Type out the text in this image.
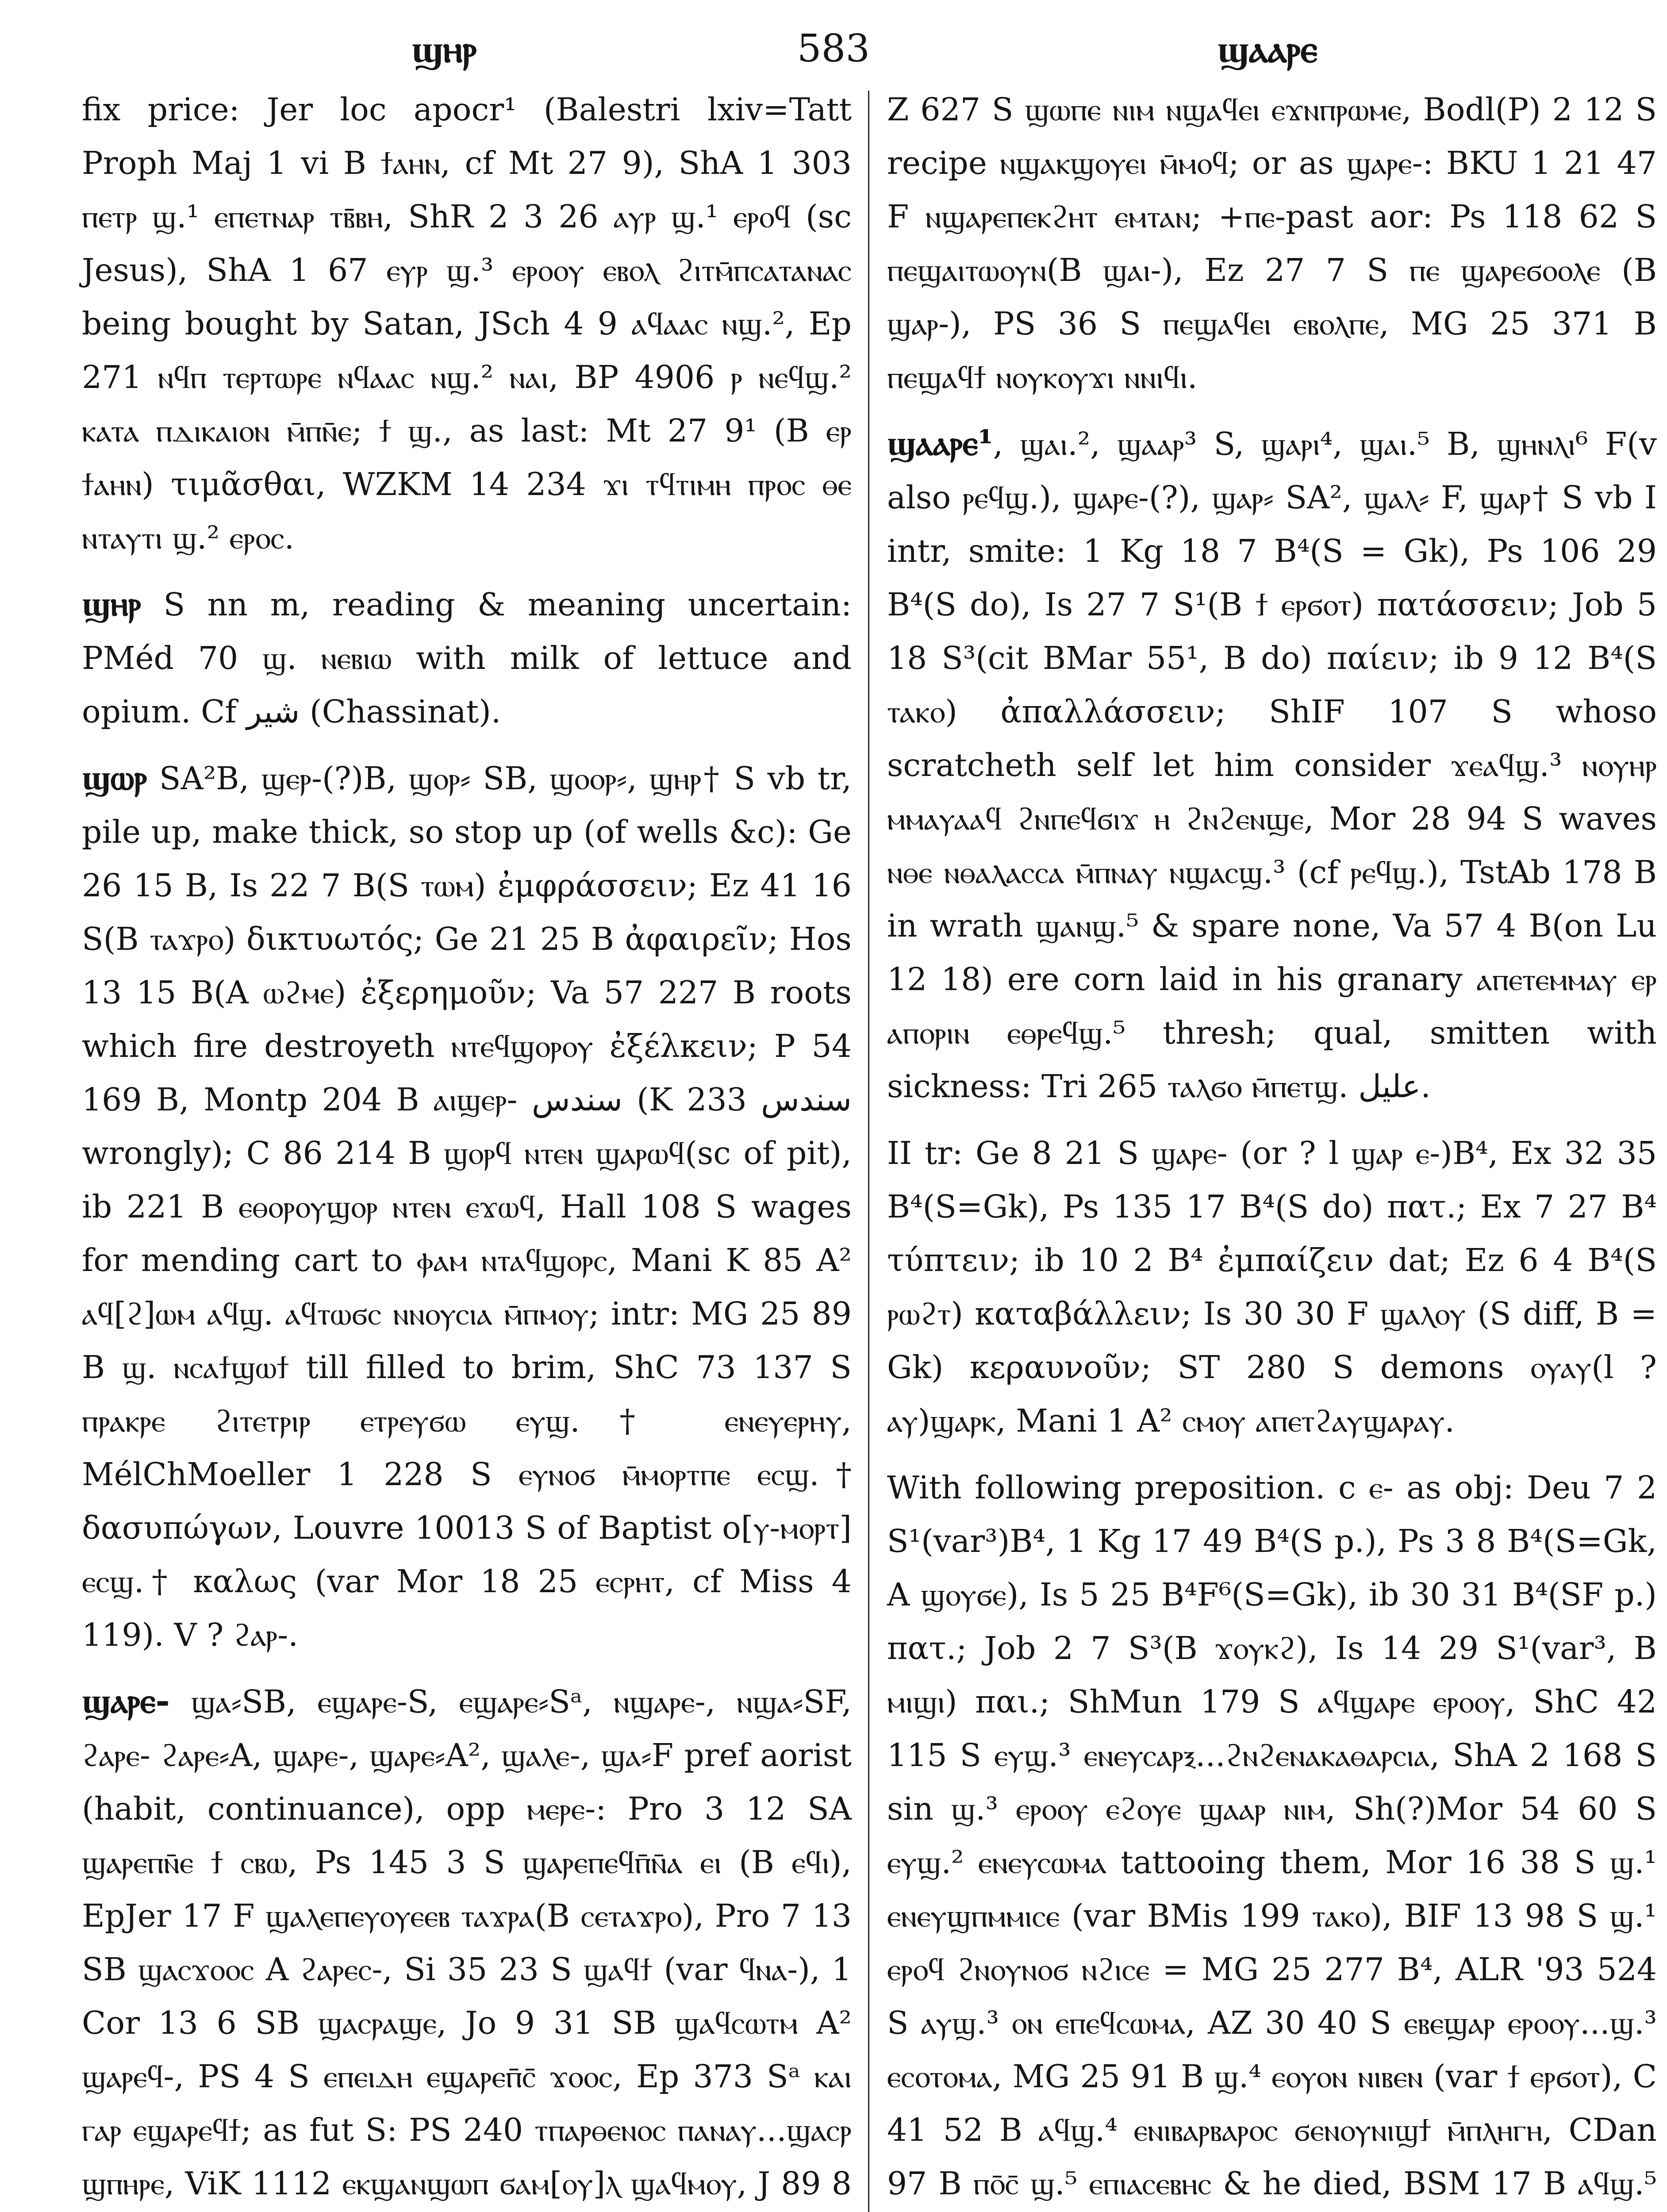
ϣⲏⲣ	583	ϣⲁⲁⲣⲉ

fix price: Jer loc apocr¹ (Balestri lxiv=Tatt Proph Maj 1 vi B ϯⲁⲏⲛ, cf Mt 27 9), ShA 1 303 ⲡⲉⲧⲣ ϣ.¹ ⲉⲡⲉⲧⲛⲁⲣ ⲧⲃ̄ⲃⲏ, ShR 2 3 26 ⲁⲩⲣ ϣ.¹ ⲉⲣⲟϥ (sc Jesus), ShA 1 67 ⲉⲩⲣ ϣ.³ ⲉⲣⲟⲟⲩ ⲉⲃⲟⲗ ϩⲓⲧⲙ̄ⲡⲥⲁⲧⲁⲛⲁⲥ being bought by Satan, JSch 4 9 ⲁϥⲁⲁⲥ ⲛϣ.², Ep 271 ⲛϥⲡ ⲧⲉⲣⲧⲱⲣⲉ ⲛϥⲁⲁⲥ ⲛϣ.² ⲛⲁⲓ, BP 4906 ⲣ ⲛⲉϥϣ.² ⲕⲁⲧⲁ ⲡⲇⲓⲕⲁⲓⲟⲛ ⲙ̄ⲡⲛ̄ⲉ; ϯ ϣ., as last: Mt 27 9¹ (B ⲉⲣ ϯⲁⲏⲛ) τιμᾶσθαι, WZKM 14 234 ϫⲓ ⲧϥⲧⲓⲙⲏ ⲡⲣⲟⲥ ⲑⲉ ⲛⲧⲁⲩⲧⲓ ϣ.² ⲉⲣⲟⲥ.

ϣⲏⲣ S nn m, reading & meaning uncertain: PMéd 70 ϣ. ⲛⲉⲃⲓⲱ with milk of lettuce and opium. Cf شير (Chassinat).

ϣⲱⲣ SA²B, ϣⲉⲣ-(?)B, ϣⲟⲣ⸗ SB, ϣⲟⲟⲣ⸗, ϣⲏⲣ† S vb tr, pile up, make thick, so stop up (of wells &c): Ge 26 15 B, Is 22 7 B(S ⲧⲱⲙ) ἐμφράσσειν; Ez 41 16 S(B ⲧⲁϫⲣⲟ) δικτυωτός; Ge 21 25 B ἀφαιρεῖν; Hos 13 15 B(A ⲱϩⲙⲉ) ἐξερημοῦν; Va 57 227 B roots which fire destroyeth ⲛⲧⲉϥϣⲟⲣⲟⲩ ἐξέλκειν; P 54 169 B, Montp 204 B ⲁⲓϣⲉⲣ- سندس (K 233 سندس wrongly); C 86 214 B ϣⲟⲣϥ ⲛⲧⲉⲛ ϣⲁⲣⲱϥ(sc of pit), ib 221 B ⲉⲑⲟⲣⲟⲩϣⲟⲣ ⲛⲧⲉⲛ ⲉϫⲱϥ, Hall 108 S wages for mending cart to ⲫⲁⲙ ⲛⲧⲁϥϣⲟⲣⲥ, Mani K 85 A² ⲁϥ[ϩ]ⲱⲙ ⲁϥϣ. ⲁϥⲧⲱϭⲥ ⲛⲛⲟⲩⲥⲓⲁ ⲙ̄ⲡⲙⲟⲩ; intr: MG 25 89 B ϣ. ⲛⲥⲁϯϣⲱϯ till filled to brim, ShC 73 137 S ⲡⲣⲁⲕⲣⲉ ϩⲓⲧⲉⲧⲣⲓⲣ ⲉⲧⲣⲉⲩϭⲱ ⲉⲩϣ.† ⲉⲛⲉⲩⲉⲣⲏⲩ, MélChMoeller 1 228 S ⲉⲩⲛⲟϭ ⲙ̄ⲙⲟⲣⲧⲡⲉ ⲉⲥϣ.† δασυπώγων, Louvre 10013 S of Baptist ο[ⲩ-ⲙⲟⲣⲧ] ⲉⲥϣ.† καλως (var Mor 18 25 ⲉⲥⲣⲏⲧ, cf Miss 4 119). V ? ϩⲁⲣ-.

ϣⲁⲣⲉ- ϣⲁ⸗SB, ⲉϣⲁⲣⲉ-S, ⲉϣⲁⲣⲉ⸗Sᵃ, ⲛϣⲁⲣⲉ-, ⲛϣⲁ⸗SF, ϩⲁⲣⲉ- ϩⲁⲣⲉ⸗A, ϣⲁⲣⲉ-, ϣⲁⲣⲉ⸗A², ϣⲁⲗⲉ-, ϣⲁ⸗F pref aorist (habit, continuance), opp ⲙⲉⲣⲉ-: Pro 3 12 SA ϣⲁⲣⲉⲡⲛ̄ⲉ ϯ ⲥⲃⲱ, Ps 145 3 S ϣⲁⲣⲉⲡⲉϥⲡ̄ⲛ̄ⲁ ⲉⲓ (B ⲉϥⲓ), EpJer 17 F ϣⲁⲗⲉⲡⲉⲩⲟⲩⲉⲉⲃ ⲧⲁϫⲣⲁ(B ⲥⲉⲧⲁϫⲣⲟ), Pro 7 13 SB ϣⲁⲥϫⲟⲟⲥ A ϩⲁⲣⲉⲥ-, Si 35 23 S ϣⲁϥϯ (var ϥⲛⲁ-), 1 Cor 13 6 SB ϣⲁⲥⲣⲁϣⲉ, Jo 9 31 SB ϣⲁϥⲥⲱⲧⲙ A² ϣⲁⲣⲉϥ-, PS 4 S ⲉⲡⲉⲓⲇⲏ ⲉϣⲁⲣⲉⲡ̄ⲥ̄ ϫⲟⲟⲥ, Ep 373 Sᵃ ⲕⲁⲓ ⲅⲁⲣ ⲉϣⲁⲣⲉϥϯ; as fut S: PS 240 ⲧⲡⲁⲣⲑⲉⲛⲟⲥ ⲡⲁⲛⲁⲩ...ϣⲁⲥⲣ ϣⲡⲏⲣⲉ, ViK 1112 ⲉⲕϣⲁⲛϣⲱⲡ ϭⲁⲙ[ⲟⲩ]ⲗ ϣⲁϥⲙⲟⲩ, J 89 8

Z 627 S ϣⲱⲡⲉ ⲛⲓⲙ ⲛϣⲁϥⲉⲓ ⲉϫⲛⲡⲣⲱⲙⲉ, Bodl(P) 2 12 S recipe ⲛϣⲁⲕϣⲟⲩⲉⲓ ⲙ̄ⲙⲟϥ; or as ϣⲁⲣⲉ-: BKU 1 21 47 F ⲛϣⲁⲣⲉⲡⲉⲕϩⲏⲧ ⲉⲙⲧⲁⲛ; +ⲡⲉ-past aor: Ps 118 62 S ⲡⲉϣⲁⲓⲧⲱⲟⲩⲛ(B ϣⲁⲓ-), Ez 27 7 S ⲡⲉ ϣⲁⲣⲉϭⲟⲟⲗⲉ (B ϣⲁⲣ-), PS 36 S ⲡⲉϣⲁϥⲉⲓ ⲉⲃⲟⲗⲡⲉ, MG 25 371 B ⲡⲉϣⲁϥϯ ⲛⲟⲩⲕⲟⲩϫⲓ ⲛⲛⲓϥⲓ.

ϣⲁⲁⲣⲉ¹, ϣⲁⲓ.², ϣⲁⲁⲣ³ S, ϣⲁⲣⲓ⁴, ϣⲁⲓ.⁵ B, ϣⲏⲛⲗⲓ⁶ F(v also ⲣⲉϥϣ.), ϣⲁⲣⲉ-(?), ϣⲁⲣ⸗ SA², ϣⲁⲗ⸗ F, ϣⲁⲣ† S vb I intr, smite: 1 Kg 18 7 B⁴(S = Gk), Ps 106 29 B⁴(S do), Is 27 7 S¹(B ϯ ⲉⲣϭⲟⲧ) πατάσσειν; Job 5 18 S³(cit BMar 55¹, B do) παίειν; ib 9 12 B⁴(S ⲧⲁⲕⲟ) ἀπαλλάσσειν; ShIF 107 S whoso scratcheth self let him consider ϫⲉⲁϥϣ.³ ⲛⲟⲩⲏⲣ ⲙⲙⲁⲩⲁⲁϥ ϩⲛⲡⲉϥϭⲓϫ ⲏ ϩⲛϩⲉⲛϣⲉ, Mor 28 94 S waves ⲛⲑⲉ ⲛⲑⲁⲗⲁⲥⲥⲁ ⲙ̄ⲡⲛⲁⲩ ⲛϣⲁⲥϣ.³ (cf ⲣⲉϥϣ.), TstAb 178 B in wrath ϣⲁⲛϣ.⁵ & spare none, Va 57 4 B(on Lu 12 18) ere corn laid in his granary ⲁⲡⲉⲧⲉⲙⲙⲁⲩ ⲉⲣ ⲁⲡⲟⲣⲓⲛ ⲉⲑⲣⲉϥϣ.⁵ thresh; qual, smitten with sickness: Tri 265 ⲧⲁⲗϭⲟ ⲙ̄ⲡⲉⲧϣ. عليل.

II tr: Ge 8 21 S ϣⲁⲣⲉ- (or ? l ϣⲁⲣ ⲉ-)B⁴, Ex 32 35 B⁴(S=Gk), Ps 135 17 B⁴(S do) πατ.; Ex 7 27 B⁴ τύπτειν; ib 10 2 B⁴ ἐμπαίζειν dat; Ez 6 4 B⁴(S ⲣⲱϩⲧ) καταβάλλειν; Is 30 30 F ϣⲁⲗⲟⲩ (S diff, B = Gk) κεραυνοῦν; ST 280 S demons ⲟⲩⲁⲩ(l ? ⲁⲩ)ϣⲁⲣⲕ, Mani 1 A² ⲥⲙⲟⲩ ⲁⲡⲉⲧϩⲁⲩϣⲁⲣⲁⲩ.

With following preposition. c ⲉ- as obj: Deu 7 2 S¹(var³)B⁴, 1 Kg 17 49 B⁴(S p.), Ps 3 8 B⁴(S=Gk, A ϣⲟⲩϭⲉ), Is 5 25 B⁴F⁶(S=Gk), ib 30 31 B⁴(SF p.) πατ.; Job 2 7 S³(B ϫⲟⲩⲕϩ), Is 14 29 S¹(var³, B ⲙⲓϣⲓ) παι.; ShMun 179 S ⲁϥϣⲁⲣⲉ ⲉⲣⲟⲟⲩ, ShC 42 115 S ⲉⲩϣ.³ ⲉⲛⲉⲩⲥⲁⲣⲝ...ϩⲛϩⲉⲛⲁⲕⲁⲑⲁⲣⲥⲓⲁ, ShA 2 168 S sin ϣ.³ ⲉⲣⲟⲟⲩ ⲉϩⲟⲩⲉ ϣⲁⲁⲣ ⲛⲓⲙ, Sh(?)Mor 54 60 S ⲉⲩϣ.² ⲉⲛⲉⲩⲥⲱⲙⲁ tattooing them, Mor 16 38 S ϣ.¹ ⲉⲛⲉⲩϣⲡⲙⲙⲓⲥⲉ (var BMis 199 ⲧⲁⲕⲟ), BIF 13 98 S ϣ.¹ ⲉⲣⲟϥ ϩⲛⲟⲩⲛⲟϭ ⲛϩⲓⲥⲉ = MG 25 277 B⁴, ALR '93 524 S ⲁⲩϣ.³ ⲟⲛ ⲉⲡⲉϥⲥⲱⲙⲁ, AZ 30 40 S ⲉⲃⲉϣⲁⲣ ⲉⲣⲟⲟⲩ...ϣ.³ ⲉⲥⲟⲧⲟⲙⲁ, MG 25 91 B ϣ.⁴ ⲉⲟⲩⲟⲛ ⲛⲓⲃⲉⲛ (var ϯ ⲉⲣϭⲟⲧ), C 41 52 B ⲁϥϣ.⁴ ⲉⲛⲓⲃⲁⲣⲃⲁⲣⲟⲥ ϭⲉⲛⲟⲩⲛⲓϣϯ ⲙ̄ⲡⲗⲏⲅⲏ, CDan 97 B ⲡⲟ̄ⲥ̄ ϣ.⁵ ⲉⲡⲓⲁⲥⲉⲃⲏⲥ & he died, BSM 17 B ⲁϥϣ.⁵
